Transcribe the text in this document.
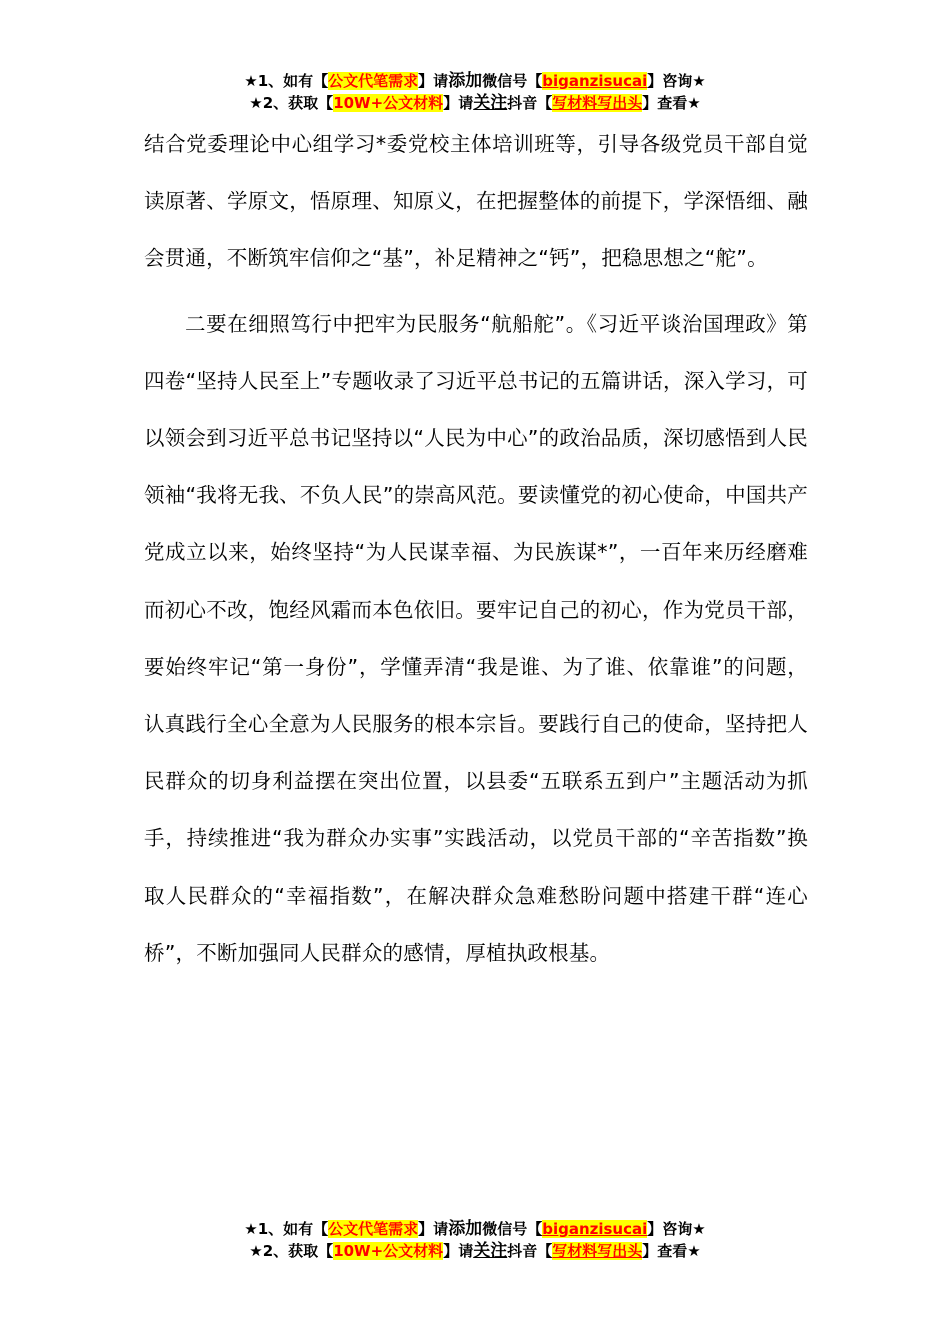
★1、如有【公文代笔需求】请添加微信号【biganzisucai】咨询★
★2、获取【10W+公文材料】请关注抖音【写材料写出头】查看★

结合党委理论中心组学习*委党校主体培训班等，引导各级党员干部自觉读原著、学原文，悟原理、知原义，在把握整体的前提下，学深悟细、融会贯通，不断筑牢信仰之“基”，补足精神之“钙”，把稳思想之“舵”。

二要在细照笃行中把牢为民服务“航船舵”。《习近平谈治国理政》第四卷“坚持人民至上”专题收录了习近平总书记的五篇讲话，深入学习，可以领会到习近平总书记坚持以“人民为中心”的政治品质，深切感悟到人民领袖“我将无我、不负人民”的崇高风范。要读懂党的初心使命，中国共产党成立以来，始终坚持“为人民谋幸福、为民族谋*”，一百年来历经磨难而初心不改，饱经风霜而本色依旧。要牢记自己的初心，作为党员干部，要始终牢记“第一身份”，学懂弄清“我是谁、为了谁、依靠谁”的问题，认真践行全心全意为人民服务的根本宗旨。要践行自己的使命，坚持把人民群众的切身利益摆在突出位置，以县委“五联系五到户”主题活动为抓手，持续推进“我为群众办实事”实践活动，以党员干部的“辛苦指数”换取人民群众的“幸福指数”，在解决群众急难愁盼问题中搭建干群“连心桥”，不断加强同人民群众的感情，厚植执政根基。

★1、如有【公文代笔需求】请添加微信号【biganzisucai】咨询★
★2、获取【10W+公文材料】请关注抖音【写材料写出头】查看★
